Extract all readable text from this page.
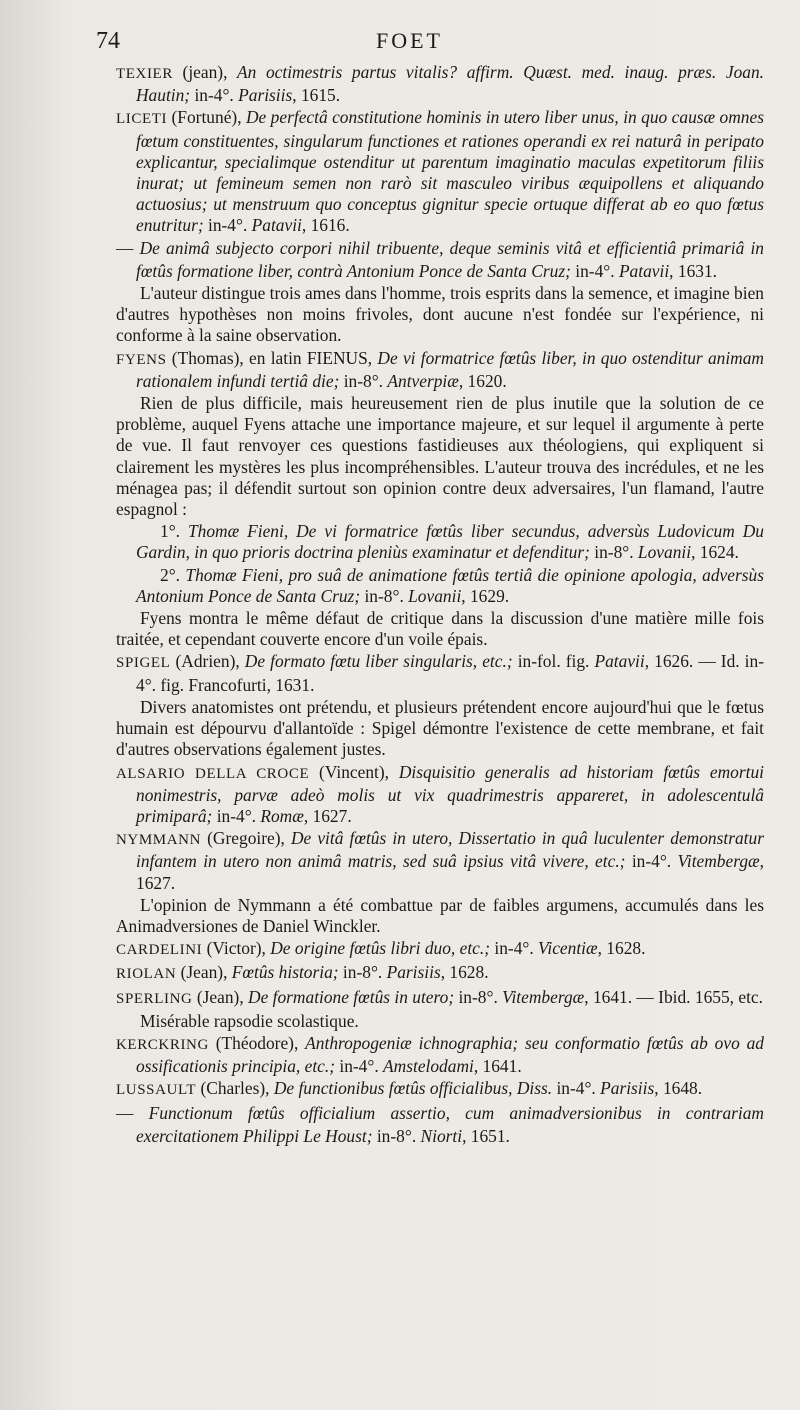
74	FOET

TEXIER (jean), An octimestris partus vitalis? affirm. Quæst. med. inaug. præs. Joan. Hautin; in-4°. Parisiis, 1615.

LICETI (Fortuné), De perfectâ constitutione hominis in utero liber unus, in quo causæ omnes fœtum constituentes, singularum functiones et rationes operandi ex rei naturâ in peripato explicantur, specialimque ostenditur ut parentum imaginatio maculas expetitorum filiis inurat; ut femineum semen non rarò sit masculeo viribus æquipollens et aliquando actuosius; ut menstruum quo conceptus gignitur specie ortuque differat ab eo quo fœtus enutritur; in-4°. Patavii, 1616.

— De animâ subjecto corpori nihil tribuente, deque seminis vitâ et efficientiâ primariâ in fœtûs formatione liber, contrà Antonium Ponce de Santa Cruz; in-4°. Patavii, 1631.

L'auteur distingue trois ames dans l'homme, trois esprits dans la semence, et imagine bien d'autres hypothèses non moins frivoles, dont aucune n'est fondée sur l'expérience, ni conforme à la saine observation.

FYENS (Thomas), en latin FIENUS, De vi formatrice fœtûs liber, in quo ostenditur animam rationalem infundi tertiâ die; in-8°. Antverpiæ, 1620.

Rien de plus difficile, mais heureusement rien de plus inutile que la solution de ce problème, auquel Fyens attache une importance majeure, et sur lequel il argumente à perte de vue. Il faut renvoyer ces questions fastidieuses aux théologiens, qui expliquent si clairement les mystères les plus incompréhensibles. L'auteur trouva des incrédules, et ne les ménagea pas; il défendit surtout son opinion contre deux adversaires, l'un flamand, l'autre espagnol :

1°. Thomæ Fieni, De vi formatrice fœtûs liber secundus, adversùs Ludovicum Du Gardin, in quo prioris doctrina pleniùs examinatur et defenditur; in-8°. Lovanii, 1624.

2°. Thomæ Fieni, pro suâ de animatione fœtûs tertiâ die opinione apologia, adversùs Antonium Ponce de Santa Cruz; in-8°. Lovanii, 1629.

Fyens montra le même défaut de critique dans la discussion d'une matière mille fois traitée, et cependant couverte encore d'un voile épais.

SPIGEL (Adrien), De formato fœtu liber singularis, etc.; in-fol. fig. Patavii, 1626. — Id. in-4°. fig. Francofurti, 1631.

Divers anatomistes ont prétendu, et plusieurs prétendent encore aujourd'hui que le fœtus humain est dépourvu d'allantoïde : Spigel démontre l'existence de cette membrane, et fait d'autres observations également justes.

ALSARIO DELLA CROCE (Vincent), Disquisitio generalis ad historiam fœtûs emortui nonimestris, parvæ adeò molis ut vix quadrimestris appareret, in adolescentulâ primiparâ; in-4°. Romæ, 1627.

NYMMANN (Gregoire), De vitâ fœtûs in utero, Dissertatio in quâ luculenter demonstratur infantem in utero non animâ matris, sed suâ ipsius vitâ vivere, etc.; in-4°. Vitembergæ, 1627.

L'opinion de Nymmann a été combattue par de faibles argumens, accumulés dans les Animadversiones de Daniel Winckler.

CARDELINI (Victor), De origine fœtûs libri duo, etc.; in-4°. Vicentiæ, 1628.

RIOLAN (Jean), Fœtûs historia; in-8°. Parisiis, 1628.

SPERLING (Jean), De formatione fœtûs in utero; in-8°. Vitembergæ, 1641. — Ibid. 1655, etc.

Misérable rapsodie scolastique.

KERCKRING (Théodore), Anthropogeniæ ichnographia; seu conformatio fœtûs ab ovo ad ossificationis principia, etc.; in-4°. Amstelodami, 1641.

LUSSAULT (Charles), De functionibus fœtûs officialibus, Diss. in-4°. Parisiis, 1648.

— Functionum fœtûs officialium assertio, cum animadversionibus in contrariam exercitationem Philippi Le Houst; in-8°. Niorti, 1651.
